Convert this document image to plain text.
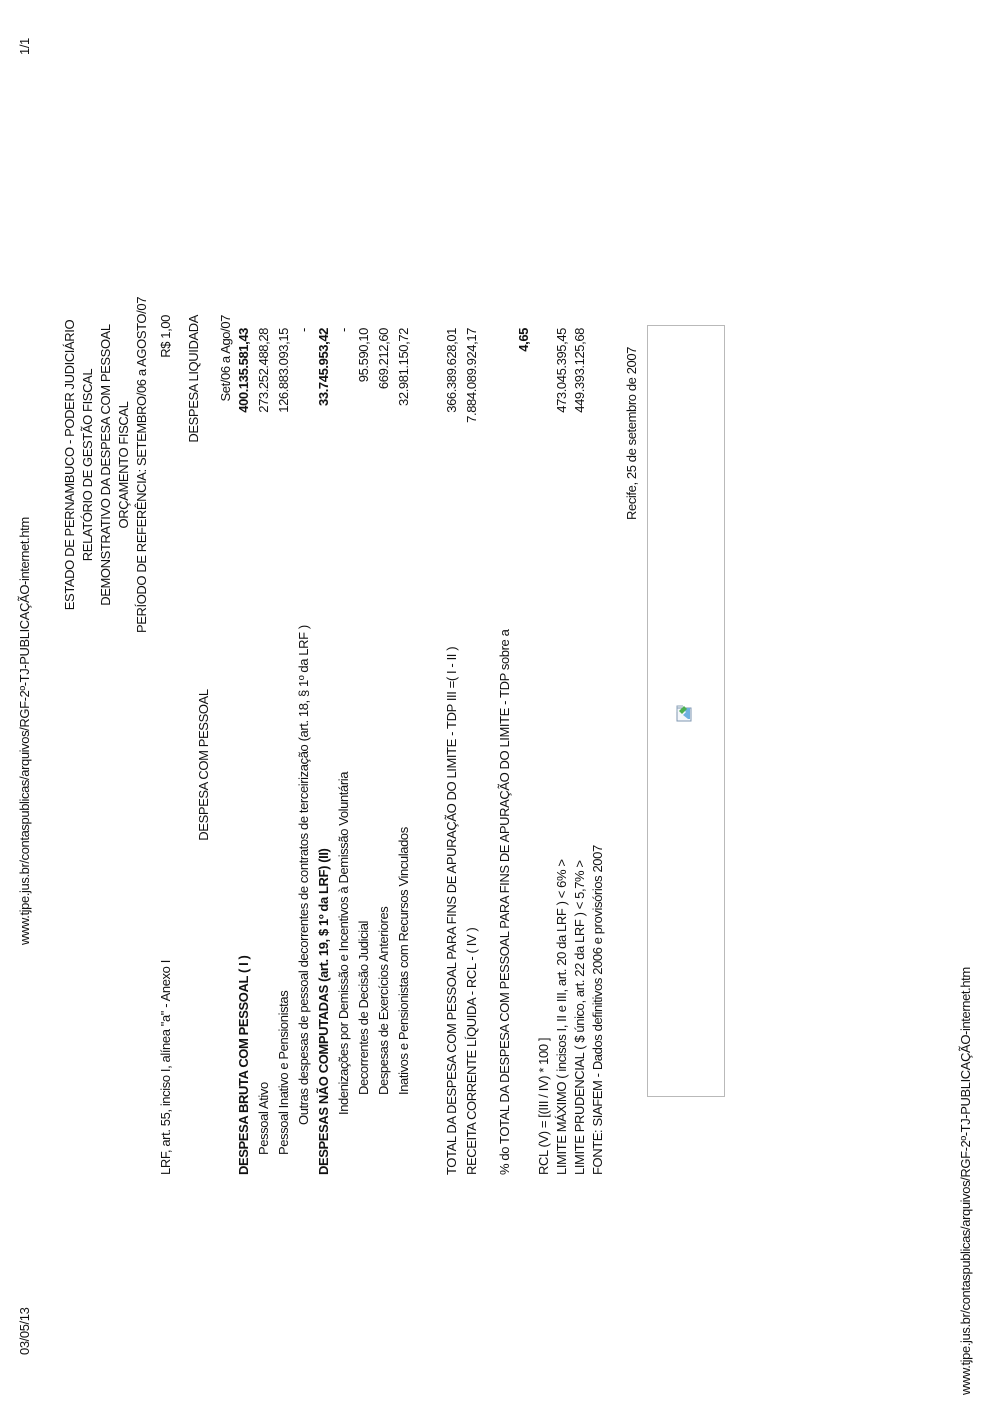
03/05/13
www.tjpe.jus.br/contaspublicas/arquivos/RGF-2º-TJ-PUBLICAÇÃO-internet.htm
1/1
www.tjpe.jus.br/contaspublicas/arquivos/RGF-2º-TJ-PUBLICAÇÃO-internet.htm
ESTADO DE PERNAMBUCO - PODER JUDICIÁRIO RELATÓRIO DE GESTÃO FISCAL DEMONSTRATIVO DA DESPESA COM PESSOAL ORÇAMENTO FISCAL PERÍODO DE REFERÊNCIA: SETEMBRO/06 a AGOSTO/07
LRF, art. 55, inciso I, alínea "a" - Anexo I
R$ 1,00
DESPESA COM PESSOAL
DESPESA LIQUIDADA Set/06 a Ago/07
DESPESA BRUTA COM PESSOAL ( I )
400.135.581,43
Pessoal Ativo
273.252.488,28
Pessoal Inativo e Pensionistas
126.883.093,15
Outras despesas de pessoal decorrentes de contratos de terceirização (art. 18, § 1º da LRF )
-
DESPESAS NÃO COMPUTADAS (art. 19, $ 1º da LRF) (II)
33.745.953,42
Indenizações por Demissão e Incentivos à Demissão Voluntária
-
Decorrentes de Decisão Judicial
95.590,10
Despesas de Exercícios Anteriores
669.212,60
Inativos e Pensionistas com Recursos Vinculados
32.981.150,72
TOTAL DA DESPESA COM PESSOAL PARA FINS DE APURAÇÃO DO LIMITE - TDP III =( I - II )
366.389.628,01
RECEITA CORRENTE LÍQUIDA - RCL - ( IV )
7.884.089.924,17
% do TOTAL DA DESPESA COM PESSOAL PARA FINS DE APURAÇÃO DO LIMITE - TDP sobre a
4,65
RCL (V) = [(III / IV) * 100 ] LIMITE MÁXIMO ( incisos I, II e III, art. 20 da LRF ) < 6% >
473.045.395,45
LIMITE PRUDENCIAL ( $ único, art. 22 da LRF ) < 5,7% >
449.393.125,68
FONTE: SIAFEM - Dados definitivos 2006 e provisórios 2007
Recife, 25 de setembro de 2007
